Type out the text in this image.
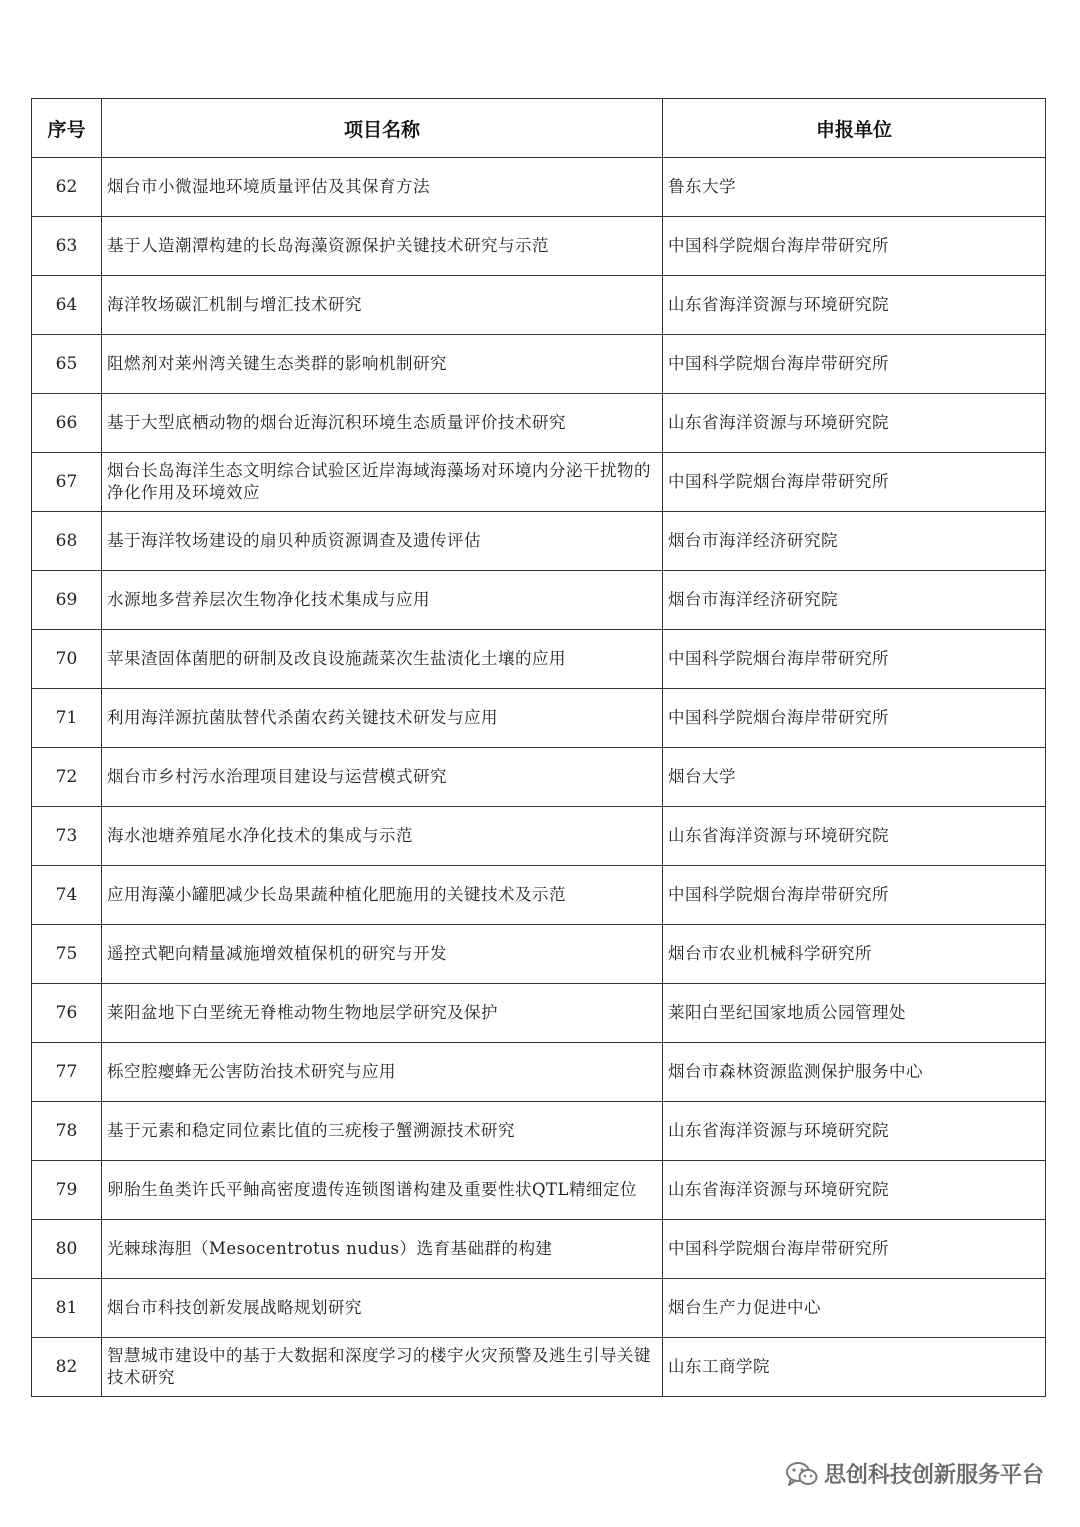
序号	项目名称	申报单位
62	烟台市小微湿地环境质量评估及其保育方法	鲁东大学
63	基于人造潮潭构建的长岛海藻资源保护关键技术研究与示范	中国科学院烟台海岸带研究所
64	海洋牧场碳汇机制与增汇技术研究	山东省海洋资源与环境研究院
65	阻燃剂对莱州湾关键生态类群的影响机制研究	中国科学院烟台海岸带研究所
66	基于大型底栖动物的烟台近海沉积环境生态质量评价技术研究	山东省海洋资源与环境研究院
67	烟台长岛海洋生态文明综合试验区近岸海域海藻场对环境内分泌干扰物的净化作用及环境效应	中国科学院烟台海岸带研究所
68	基于海洋牧场建设的扇贝种质资源调查及遗传评估	烟台市海洋经济研究院
69	水源地多营养层次生物净化技术集成与应用	烟台市海洋经济研究院
70	苹果渣固体菌肥的研制及改良设施蔬菜次生盐渍化土壤的应用	中国科学院烟台海岸带研究所
71	利用海洋源抗菌肽替代杀菌农药关键技术研发与应用	中国科学院烟台海岸带研究所
72	烟台市乡村污水治理项目建设与运营模式研究	烟台大学
73	海水池塘养殖尾水净化技术的集成与示范	山东省海洋资源与环境研究院
74	应用海藻小罐肥减少长岛果蔬种植化肥施用的关键技术及示范	中国科学院烟台海岸带研究所
75	遥控式靶向精量减施增效植保机的研究与开发	烟台市农业机械科学研究所
76	莱阳盆地下白垩统无脊椎动物生物地层学研究及保护	莱阳白垩纪国家地质公园管理处
77	栎空腔瘿蜂无公害防治技术研究与应用	烟台市森林资源监测保护服务中心
78	基于元素和稳定同位素比值的三疣梭子蟹溯源技术研究	山东省海洋资源与环境研究院
79	卵胎生鱼类许氏平鲉高密度遗传连锁图谱构建及重要性状QTL精细定位	山东省海洋资源与环境研究院
80	光棘球海胆（Mesocentrotus nudus）选育基础群的构建	中国科学院烟台海岸带研究所
81	烟台市科技创新发展战略规划研究	烟台生产力促进中心
82	智慧城市建设中的基于大数据和深度学习的楼宇火灾预警及逃生引导关键技术研究	山东工商学院
思创科技创新服务平台
